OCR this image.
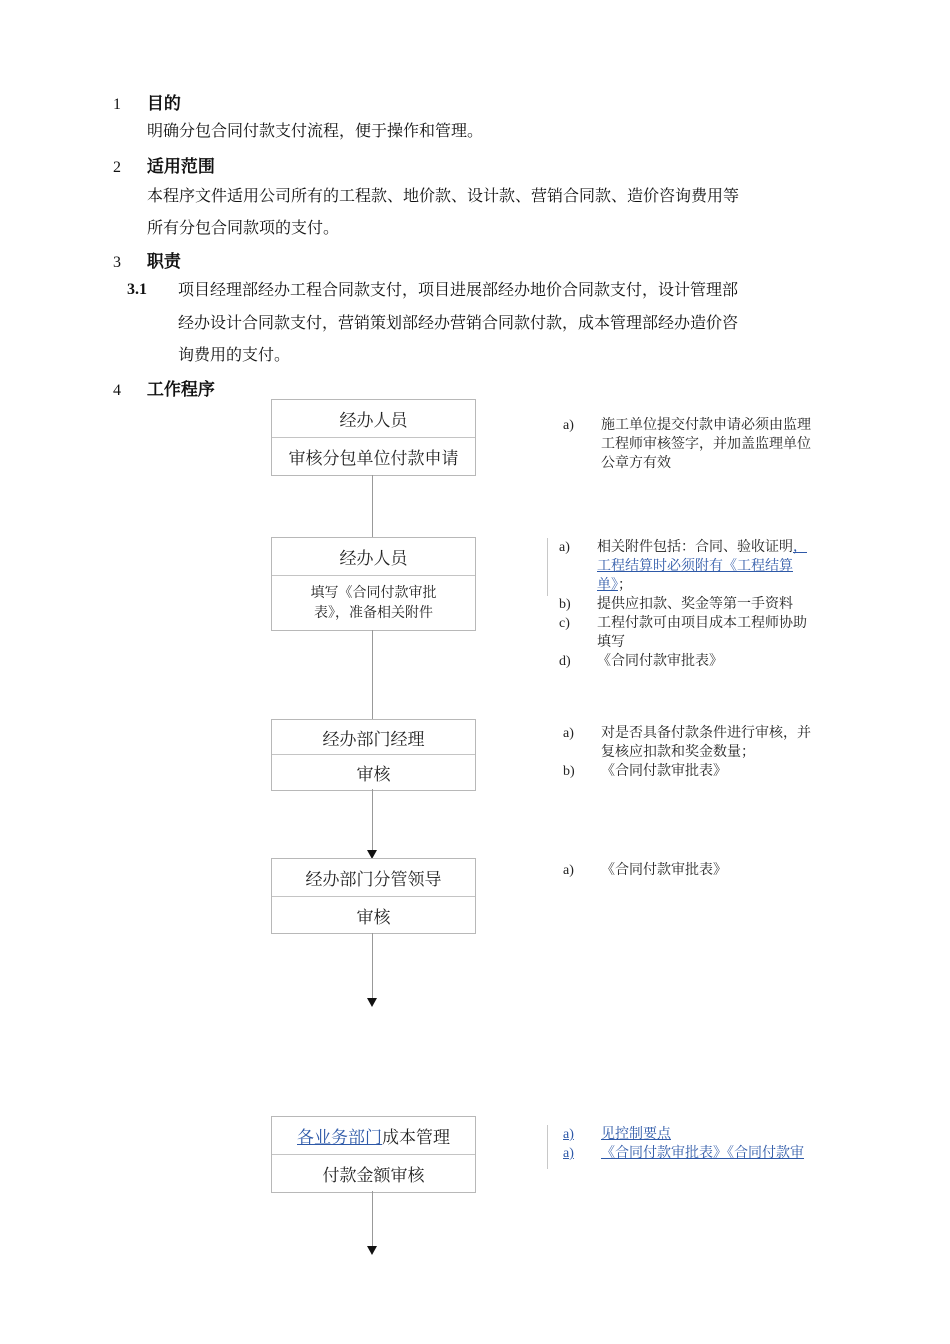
1 目的
明确分包合同付款支付流程，便于操作和管理。
2 适用范围
本程序文件适用公司所有的工程款、地价款、设计款、营销合同款、造价咨询费用等
所有分包合同款项的支付。
3 职责
3.1 项目经理部经办工程合同款支付，项目进展部经办地价合同款支付，设计管理部
经办设计合同款支付，营销策划部经办营销合同款付款，成本管理部经办造价咨
询费用的支付。
4 工作程序
经办人员
审核分包单位付款申请
经办人员
填写《合同付款审批
表》，准备相关附件
经办部门经理
审核
经办部门分管领导
审核
各业务部门 成本管理
付款金额审核
a)	施工单位提交付款申请必须由监理
工程师审核签字，并加盖监理单位
公章方有效
a)	相关附件包括：合同、验收证明，
工程结算时必须附有《工程结算
单》；
b)	提供应扣款、奖金等第一手资料
c)	工程付款可由项目成本工程师协助
填写
d)	《合同付款审批表》
a)	对是否具备付款条件进行审核，并
复核应扣款和奖金数量；
b)	《合同付款审批表》
a)	《合同付款审批表》
a)	见控制要点
a)	《合同付款审批表》《合同付款审
